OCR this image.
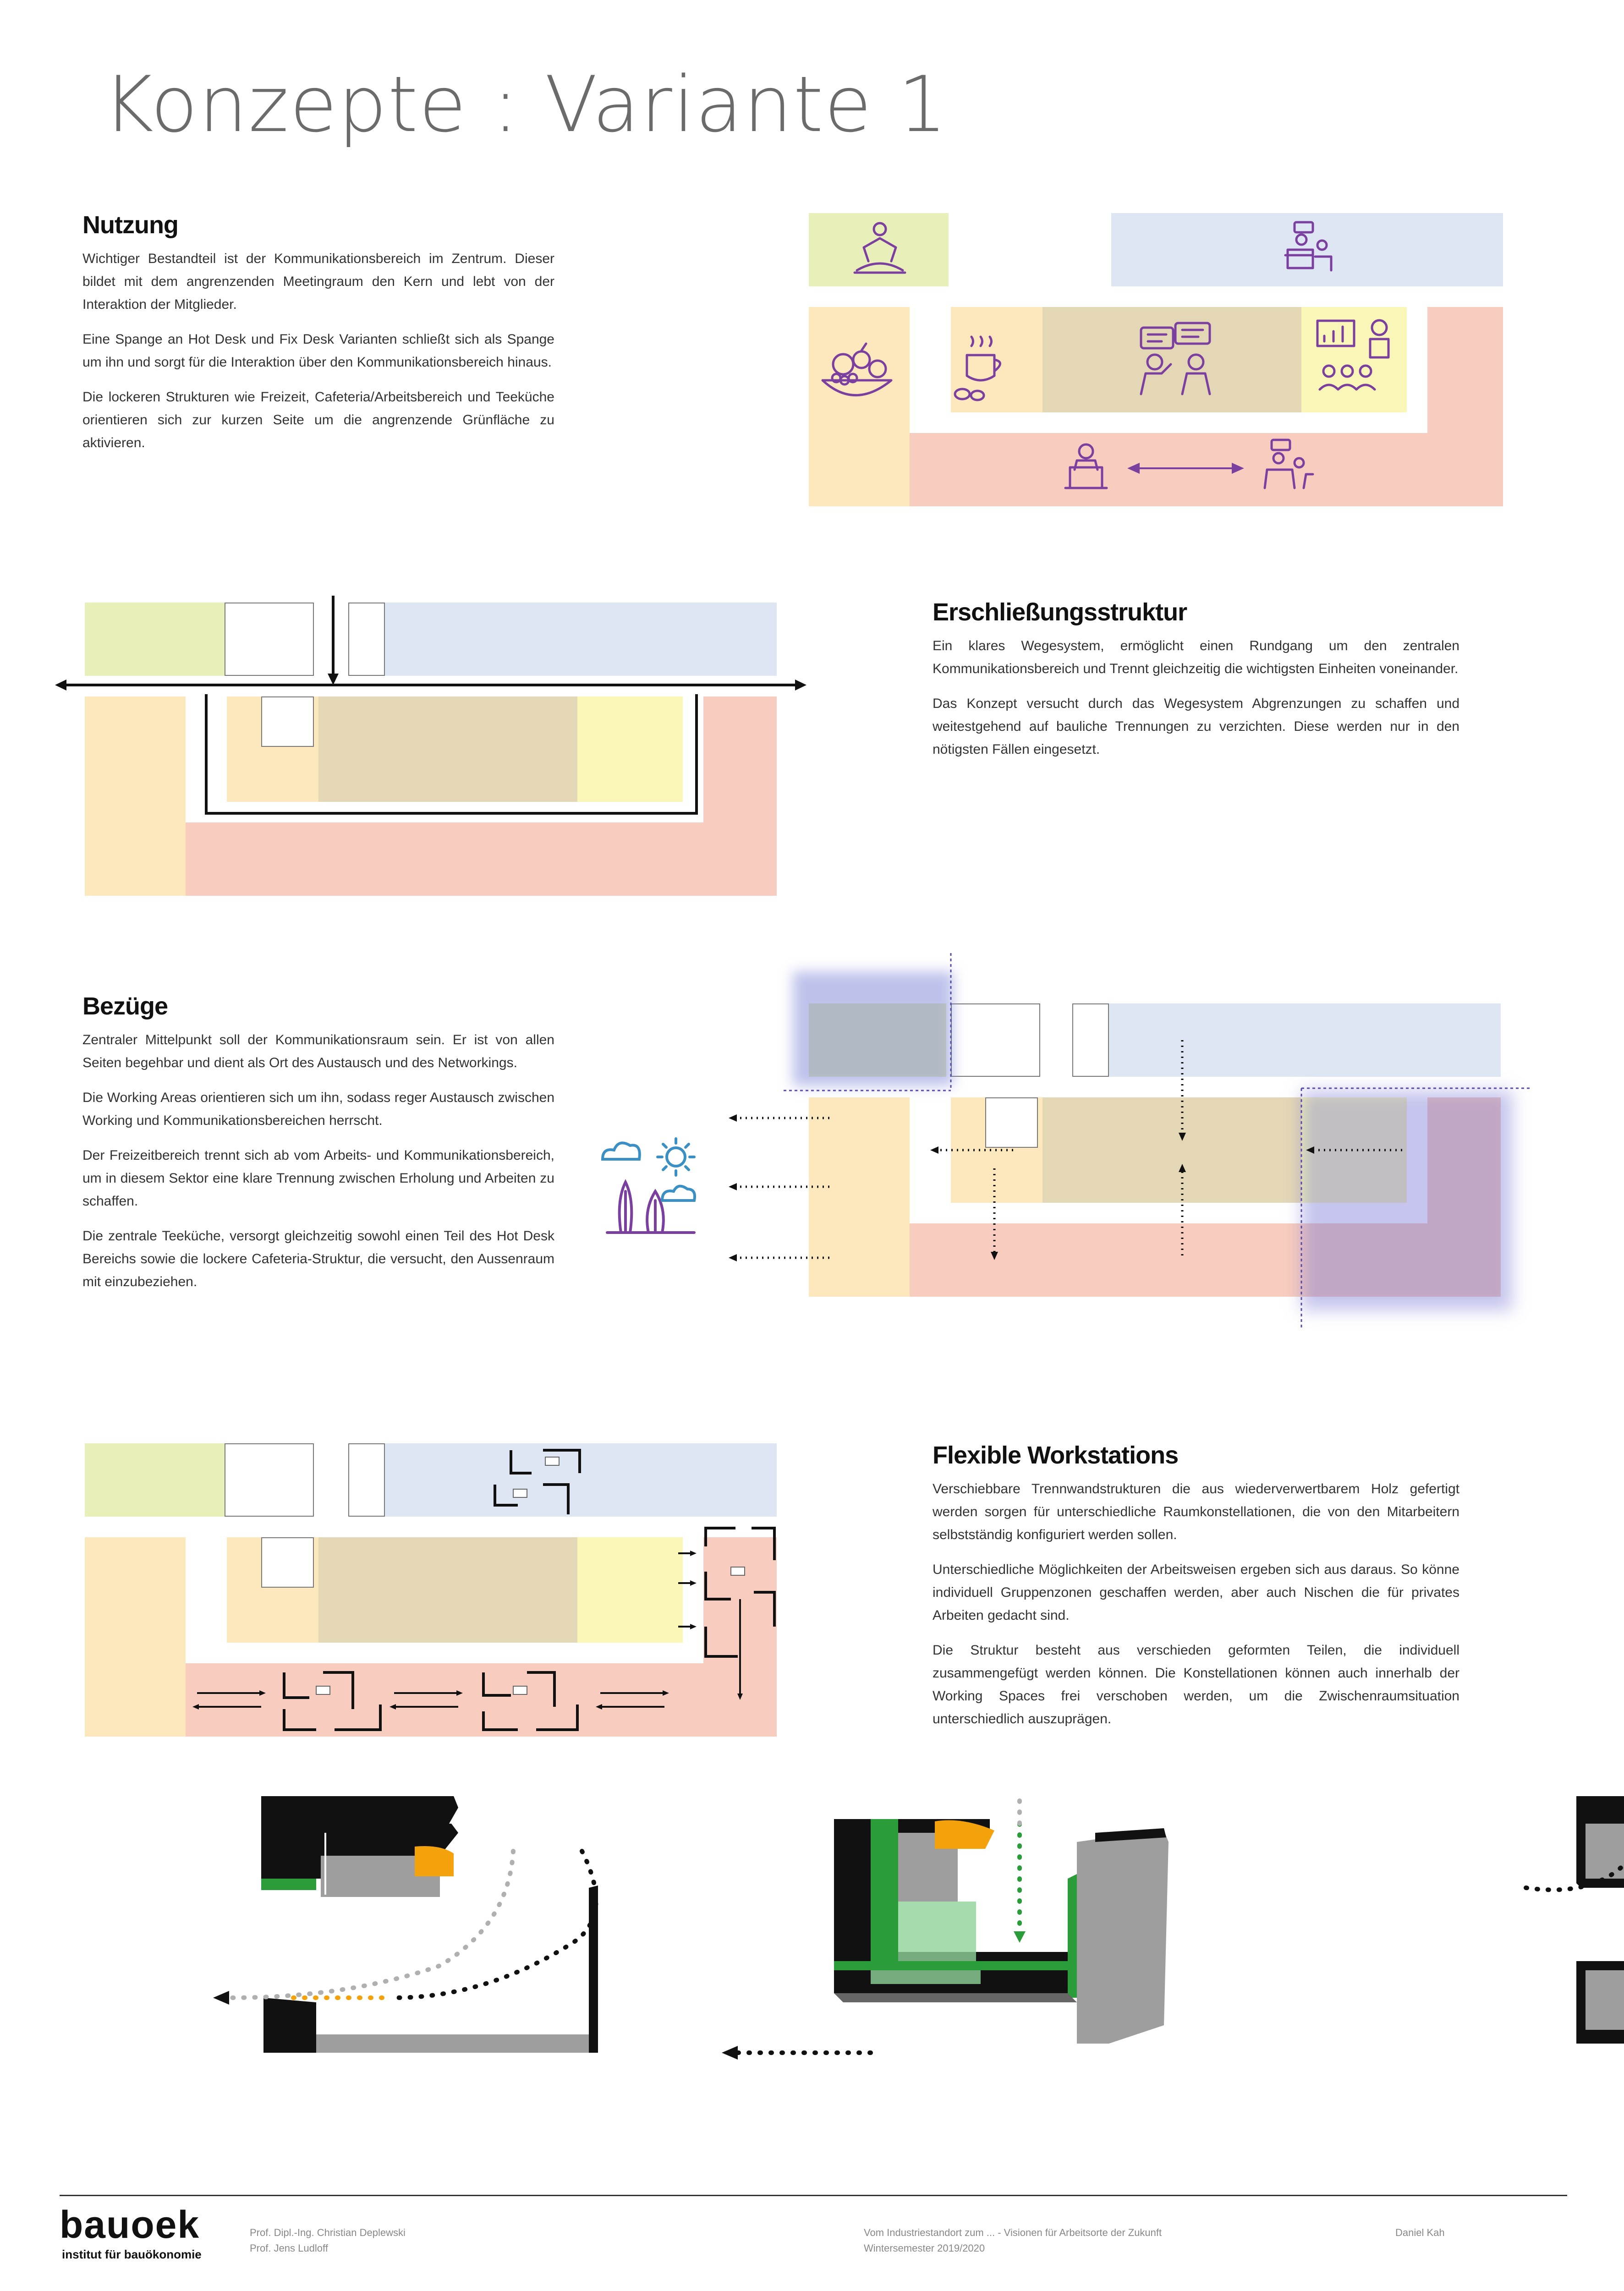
Konzepte : Variante 1
Nutzung

Wichtiger Bestandteil ist der Kommunikationsbereich im Zentrum. Dieser bildet mit dem angrenzenden Meetingraum den Kern und lebt von der Interaktion der Mitglieder.

Eine Spange an Hot Desk und Fix Desk Varianten schließt sich als Spange um ihn und sorgt für die Interaktion über den Kommunikationsbereich hinaus.

Die lockeren Strukturen wie Freizeit, Cafeteria/Arbeitsbereich und Teeküche orientieren sich zur kurzen Seite um die angrenzende Grünfläche zu aktivieren.

Erschließungsstruktur

Ein klares Wegesystem, ermöglicht einen Rundgang um den zentralen Kommunikationsbereich und Trennt gleichzeitig die wichtigsten Einheiten voneinander.

Das Konzept versucht durch das Wegesystem Abgrenzungen zu schaffen und weitestgehend auf bauliche Trennungen zu verzichten. Diese werden nur in den nötigsten Fällen eingesetzt.

Bezüge

Zentraler Mittelpunkt soll der Kommunikationsraum sein. Er ist von allen Seiten begehbar und dient als Ort des Austausch und des Networkings.

Die Working Areas orientieren sich um ihn, sodass reger Austausch zwischen Working und Kommunikationsbereichen herrscht.

Der Freizeitbereich trennt sich ab vom Arbeits- und Kommunikationsbereich, um in diesem Sektor eine klare Trennung zwischen Erholung und Arbeiten zu schaffen.

Die zentrale Teeküche, versorgt gleichzeitig sowohl einen Teil des Hot Desk Bereichs sowie die lockere Cafeteria-Struktur, die versucht, den Aussenraum mit einzubeziehen.

Flexible Workstations

Verschiebbare Trennwandstrukturen die aus wiederverwertbarem Holz gefertigt werden sorgen für unterschiedliche Raumkonstellationen, die von den Mitarbeitern selbstständig konfiguriert werden sollen.

Unterschiedliche Möglichkeiten der Arbeitsweisen ergeben sich aus daraus. So könne individuell Gruppenzonen geschaffen werden, aber auch Nischen die für privates Arbeiten gedacht sind.

Die Struktur besteht aus verschieden geformten Teilen, die individuell zusammengefügt werden können. Die Konstellationen können auch innerhalb der Working Spaces frei verschoben werden, um die Zwischenraumsituation unterschiedlich auszuprägen.

bauoek
institut für bauökonomie
Prof. Dipl.-Ing. Christian Deplewski
Prof. Jens Ludloff
Vom Industriestandort zum ... - Visionen für Arbeitsorte der Zukunft
Wintersemester 2019/2020
Daniel Kah
